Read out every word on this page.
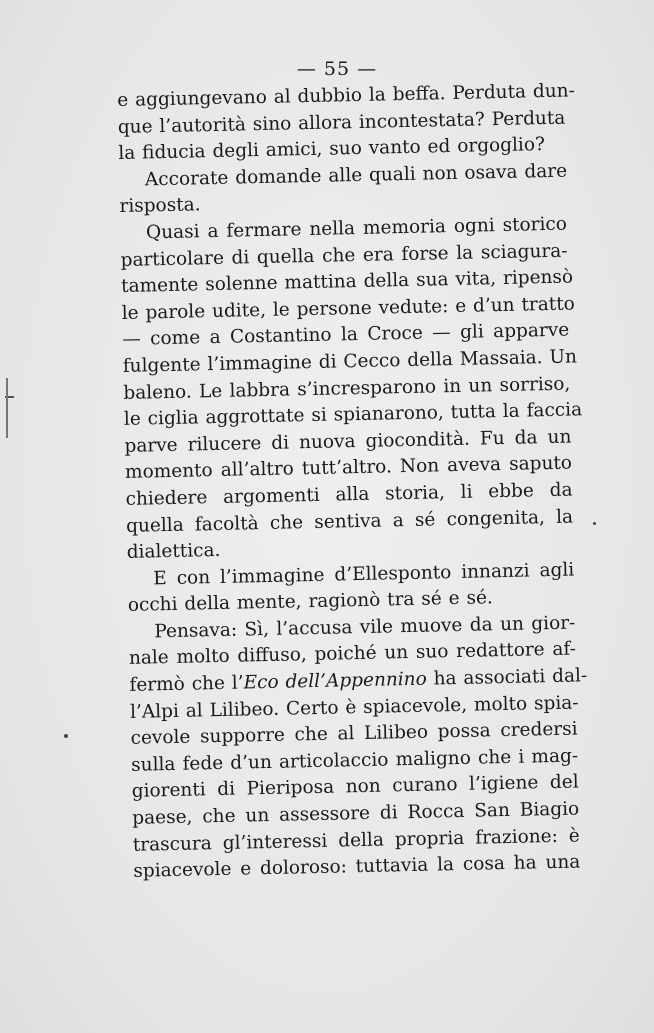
— 55 —
e aggiungevano al dubbio la beffa. Perduta dun-
que l’autorità sino allora incontestata? Perduta
la fiducia degli amici, suo vanto ed orgoglio?
Accorate domande alle quali non osava dare
risposta.
Quasi a fermare nella memoria ogni storico
particolare di quella che era forse la sciagura-
tamente solenne mattina della sua vita, ripensò
le parole udite, le persone vedute: e d’un tratto
— come a Costantino la Croce — gli apparve
fulgente l’immagine di Cecco della Massaia. Un
baleno. Le labbra s’incresparono in un sorriso,
le ciglia aggrottate si spianarono, tutta la faccia
parve rilucere di nuova giocondità. Fu da un
momento all’altro tutt’altro. Non aveva saputo
chiedere argomenti alla storia, li ebbe da
quella facoltà che sentiva a sé congenita, la
dialettica.
E con l’immagine d’Ellesponto innanzi agli
occhi della mente, ragionò tra sé e sé.
Pensava: Sì, l’accusa vile muove da un gior-
nale molto diffuso, poiché un suo redattore af-
fermò che l’Eco dell’Appennino ha associati dal-
l’Alpi al Lilibeo. Certo è spiacevole, molto spia-
cevole supporre che al Lilibeo possa credersi
sulla fede d’un articolaccio maligno che i mag-
giorenti di Pieriposa non curano l’igiene del
paese, che un assessore di Rocca San Biagio
trascura gl’interessi della propria frazione: è
spiacevole e doloroso: tuttavia la cosa ha una
